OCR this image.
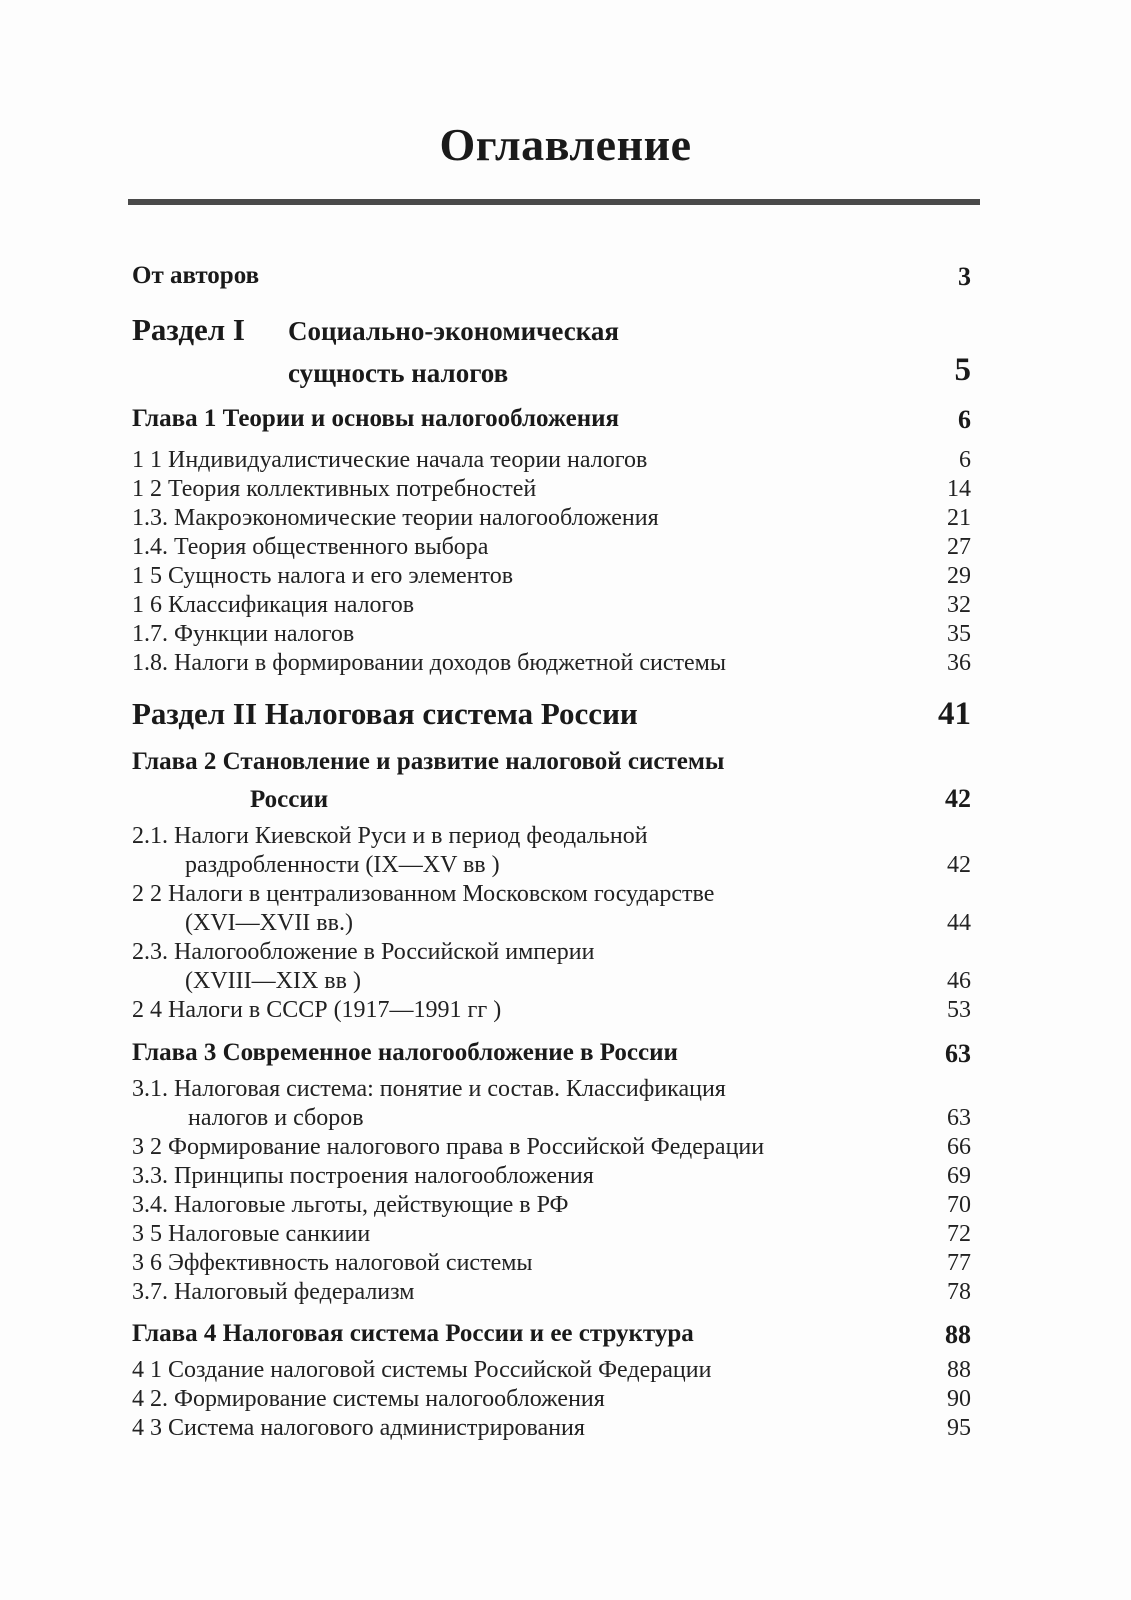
Оглавление
От авторов	3
Раздел I Социально-экономическая
сущность налогов	5
Глава 1 Теории и основы налогообложения	6
1 1 Индивидуалистические начала теории налогов	6
1 2 Теория коллективных потребностей	14
1.3. Макроэкономические теории налогообложения	21
1.4. Теория общественного выбора	27
1 5 Сущность налога и его элементов	29
1 6 Классификация налогов	32
1.7. Функции налогов	35
1.8. Налоги в формировании доходов бюджетной системы	36
Раздел II Налоговая система России	41
Глава 2 Становление и развитие налоговой системы
России	42
2.1. Налоги Киевской Руси и в период феодальной
раздробленности (IX—XV вв )	42
2 2 Налоги в централизованном Московском государстве
(XVI—XVII вв.)	44
2.3. Налогообложение в Российской империи
(XVIII—XIX вв )	46
2 4 Налоги в СССР (1917—1991 гг )	53
Глава 3 Современное налогообложение в России	63
3.1. Налоговая система: понятие и состав. Классификация
налогов и сборов	63
3 2 Формирование налогового права в Российской Федерации	66
3.3. Принципы построения налогообложения	69
3.4. Налоговые льготы, действующие в РФ	70
3 5 Налоговые санкиии	72
3 6 Эффективность налоговой системы	77
3.7. Налоговый федерализм	78
Глава 4 Налоговая система России и ее структура	88
4 1 Создание налоговой системы Российской Федерации	88
4 2. Формирование системы налогообложения	90
4 3 Система налогового администрирования	95
